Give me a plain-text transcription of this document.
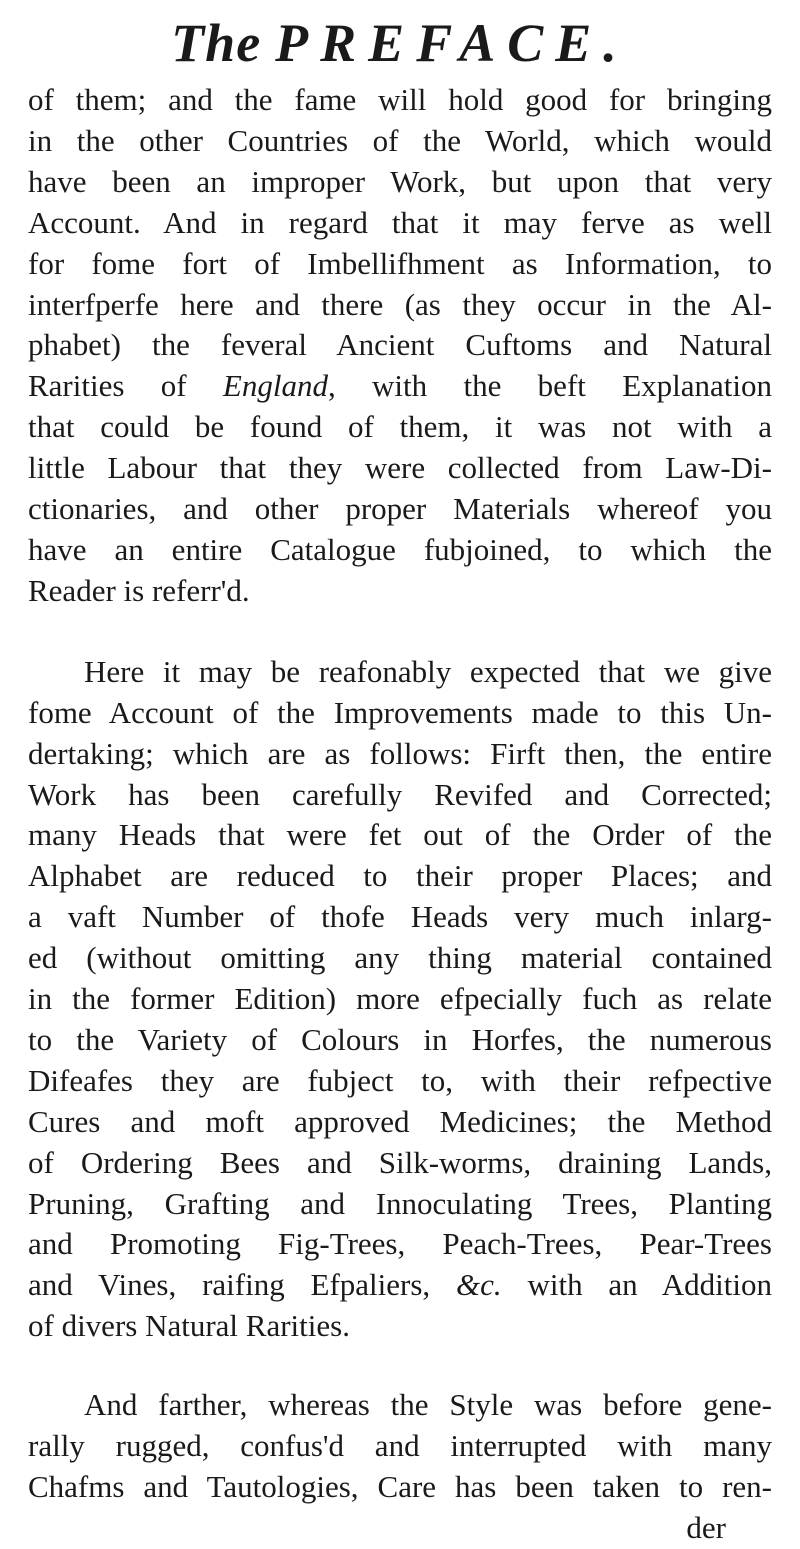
The PREFACE.

of them; and the fame will hold good for bringing
in the other Countries of the World, which would
have been an improper Work, but upon that very
Account. And in regard that it may ferve as well
for fome fort of Imbellifhment as Information, to
interfperfe here and there (as they occur in the Al-
phabet) the feveral Ancient Cuftoms and Natural
Rarities of England, with the beft Explanation
that could be found of them, it was not with a
little Labour that they were collected from Law-Di-
ctionaries, and other proper Materials whereof you
have an entire Catalogue fubjoined, to which the
Reader is referr'd.

Here it may be reafonably expected that we give
fome Account of the Improvements made to this Un-
dertaking; which are as follows: Firft then, the entire
Work has been carefully Revifed and Corrected;
many Heads that were fet out of the Order of the
Alphabet are reduced to their proper Places; and
a vaft Number of thofe Heads very much inlarg-
ed (without omitting any thing material contained
in the former Edition) more efpecially fuch as relate
to the Variety of Colours in Horfes, the numerous
Difeafes they are fubject to, with their refpective
Cures and moft approved Medicines; the Method
of Ordering Bees and Silk-worms, draining Lands,
Pruning, Grafting and Innoculating Trees, Planting
and Promoting Fig-Trees, Peach-Trees, Pear-Trees
and Vines, raifing Efpaliers, &c. with an Addition
of divers Natural Rarities.

And farther, whereas the Style was before gene-
rally rugged, confus'd and interrupted with many
Chafms and Tautologies, Care has been taken to ren-

der
